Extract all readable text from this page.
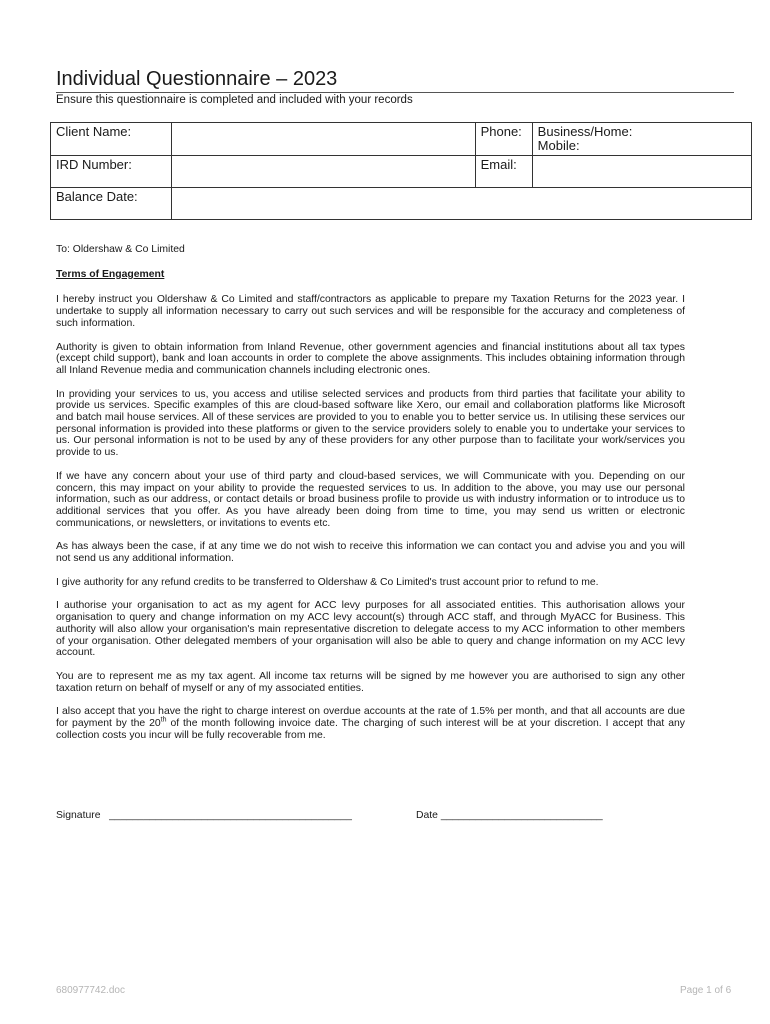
Individual Questionnaire – 2023
Ensure this questionnaire is completed and included with your records
Client Name:		Phone:	Business/Home:
Mobile:

IRD Number:		Email:	
Balance Date:			

To: Oldershaw & Co Limited

Terms of Engagement

I hereby instruct you Oldershaw & Co Limited and staff/contractors as applicable to prepare my Taxation Returns for the 2023 year. I undertake to supply all information necessary to carry out such services and will be responsible for the accuracy and completeness of such information.

Authority is given to obtain information from Inland Revenue, other government agencies and financial institutions about all tax types (except child support), bank and loan accounts in order to complete the above assignments. This includes obtaining information through all Inland Revenue media and communication channels including electronic ones.

In providing your services to us, you access and utilise selected services and products from third parties that facilitate your ability to provide us services. Specific examples of this are cloud-based software like Xero, our email and collaboration platforms like Microsoft and batch mail house services. All of these services are provided to you to enable you to better service us. In utilising these services our personal information is provided into these platforms or given to the service providers solely to enable you to undertake your services to us. Our personal information is not to be used by any of these providers for any other purpose than to facilitate your work/services you provide to us.

If we have any concern about your use of third party and cloud-based services, we will Communicate with you. Depending on our concern, this may impact on your ability to provide the requested services to us. In addition to the above, you may use our personal information, such as our address, or contact details or broad business profile to provide us with industry information or to introduce us to additional services that you offer. As you have already been doing from time to time, you may send us written or electronic communications, or newsletters, or invitations to events etc.

As has always been the case, if at any time we do not wish to receive this information we can contact you and advise you and you will not send us any additional information.

I give authority for any refund credits to be transferred to Oldershaw & Co Limited's trust account prior to refund to me.

I authorise your organisation to act as my agent for ACC levy purposes for all associated entities. This authorisation allows your organisation to query and change information on my ACC levy account(s) through ACC staff, and through MyACC for Business. This authority will also allow your organisation's main representative discretion to delegate access to my ACC information to other members of your organisation. Other delegated members of your organisation will also be able to query and change information on my ACC levy account.

You are to represent me as my tax agent. All income tax returns will be signed by me however you are authorised to sign any other taxation return on behalf of myself or any of my associated entities.

I also accept that you have the right to charge interest on overdue accounts at the rate of 1.5% per month, and that all accounts are due for payment by the 20th of the month following invoice date. The charging of such interest will be at your discretion. I accept that any collection costs you incur will be fully recoverable from me.

Signature __________________________________________	Date ____________________________
680977742.doc	Page 1 of 6
